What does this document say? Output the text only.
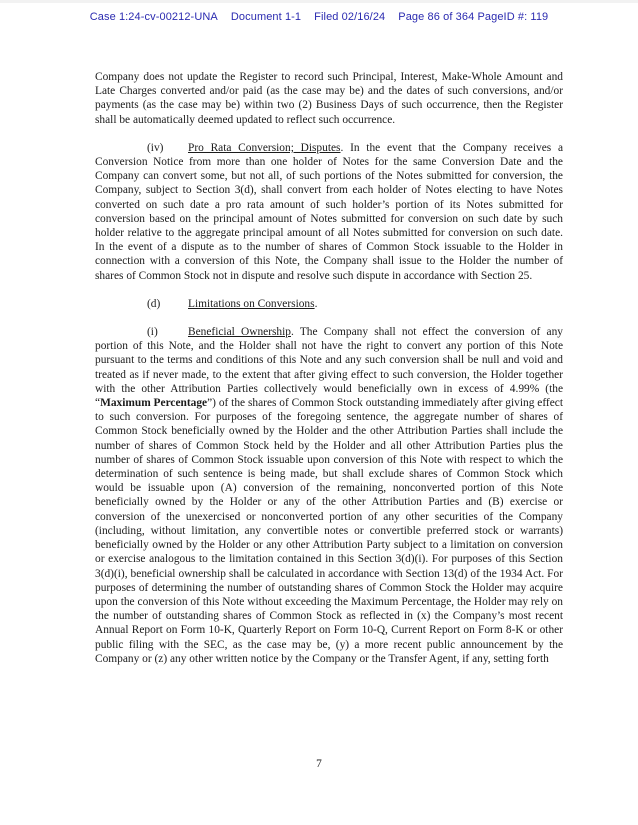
Case 1:24-cv-00212-UNA Document 1-1 Filed 02/16/24 Page 86 of 364 PageID #: 119

Company does not update the Register to record such Principal, Interest, Make-Whole Amount and Late Charges converted and/or paid (as the case may be) and the dates of such conversions, and/or payments (as the case may be) within two (2) Business Days of such occurrence, then the Register shall be automatically deemed updated to reflect such occurrence.

(iv) Pro Rata Conversion; Disputes. In the event that the Company receives a Conversion Notice from more than one holder of Notes for the same Conversion Date and the Company can convert some, but not all, of such portions of the Notes submitted for conversion, the Company, subject to Section 3(d), shall convert from each holder of Notes electing to have Notes converted on such date a pro rata amount of such holder’s portion of its Notes submitted for conversion based on the principal amount of Notes submitted for conversion on such date by such holder relative to the aggregate principal amount of all Notes submitted for conversion on such date. In the event of a dispute as to the number of shares of Common Stock issuable to the Holder in connection with a conversion of this Note, the Company shall issue to the Holder the number of shares of Common Stock not in dispute and resolve such dispute in accordance with Section 25.

(d) Limitations on Conversions.

(i)	Beneficial Ownership. The Company shall not effect the conversion of any portion of this Note, and the Holder shall not have the right to convert any portion of this Note pursuant to the terms and conditions of this Note and any such conversion shall be null and void and treated as if never made, to the extent that after giving effect to such conversion, the Holder together with the other Attribution Parties collectively would beneficially own in excess of 4.99% (the “Maximum Percentage”) of the shares of Common Stock outstanding immediately after giving effect to such conversion. For purposes of the foregoing sentence, the aggregate number of shares of Common Stock beneficially owned by the Holder and the other Attribution Parties shall include the number of shares of Common Stock held by the Holder and all other Attribution Parties plus the number of shares of Common Stock issuable upon conversion of this Note with respect to which the determination of such sentence is being made, but shall exclude shares of Common Stock which would be issuable upon (A) conversion of the remaining, nonconverted portion of this Note beneficially owned by the Holder or any of the other Attribution Parties and (B) exercise or conversion of the unexercised or nonconverted portion of any other securities of the Company (including, without limitation, any convertible notes or convertible preferred stock or warrants) beneficially owned by the Holder or any other Attribution Party subject to a limitation on conversion or exercise analogous to the limitation contained in this Section 3(d)(i). For purposes of this Section 3(d)(i), beneficial ownership shall be calculated in accordance with Section 13(d) of the 1934 Act. For purposes of determining the number of outstanding shares of Common Stock the Holder may acquire upon the conversion of this Note without exceeding the Maximum Percentage, the Holder may rely on the number of outstanding shares of Common Stock as reflected in (x) the Company’s most recent Annual Report on Form 10-K, Quarterly Report on Form 10-Q, Current Report on Form 8-K or other public filing with the SEC, as the case may be, (y) a more recent public announcement by the Company or (z) any other written notice by the Company or the Transfer Agent, if any, setting forth

7
